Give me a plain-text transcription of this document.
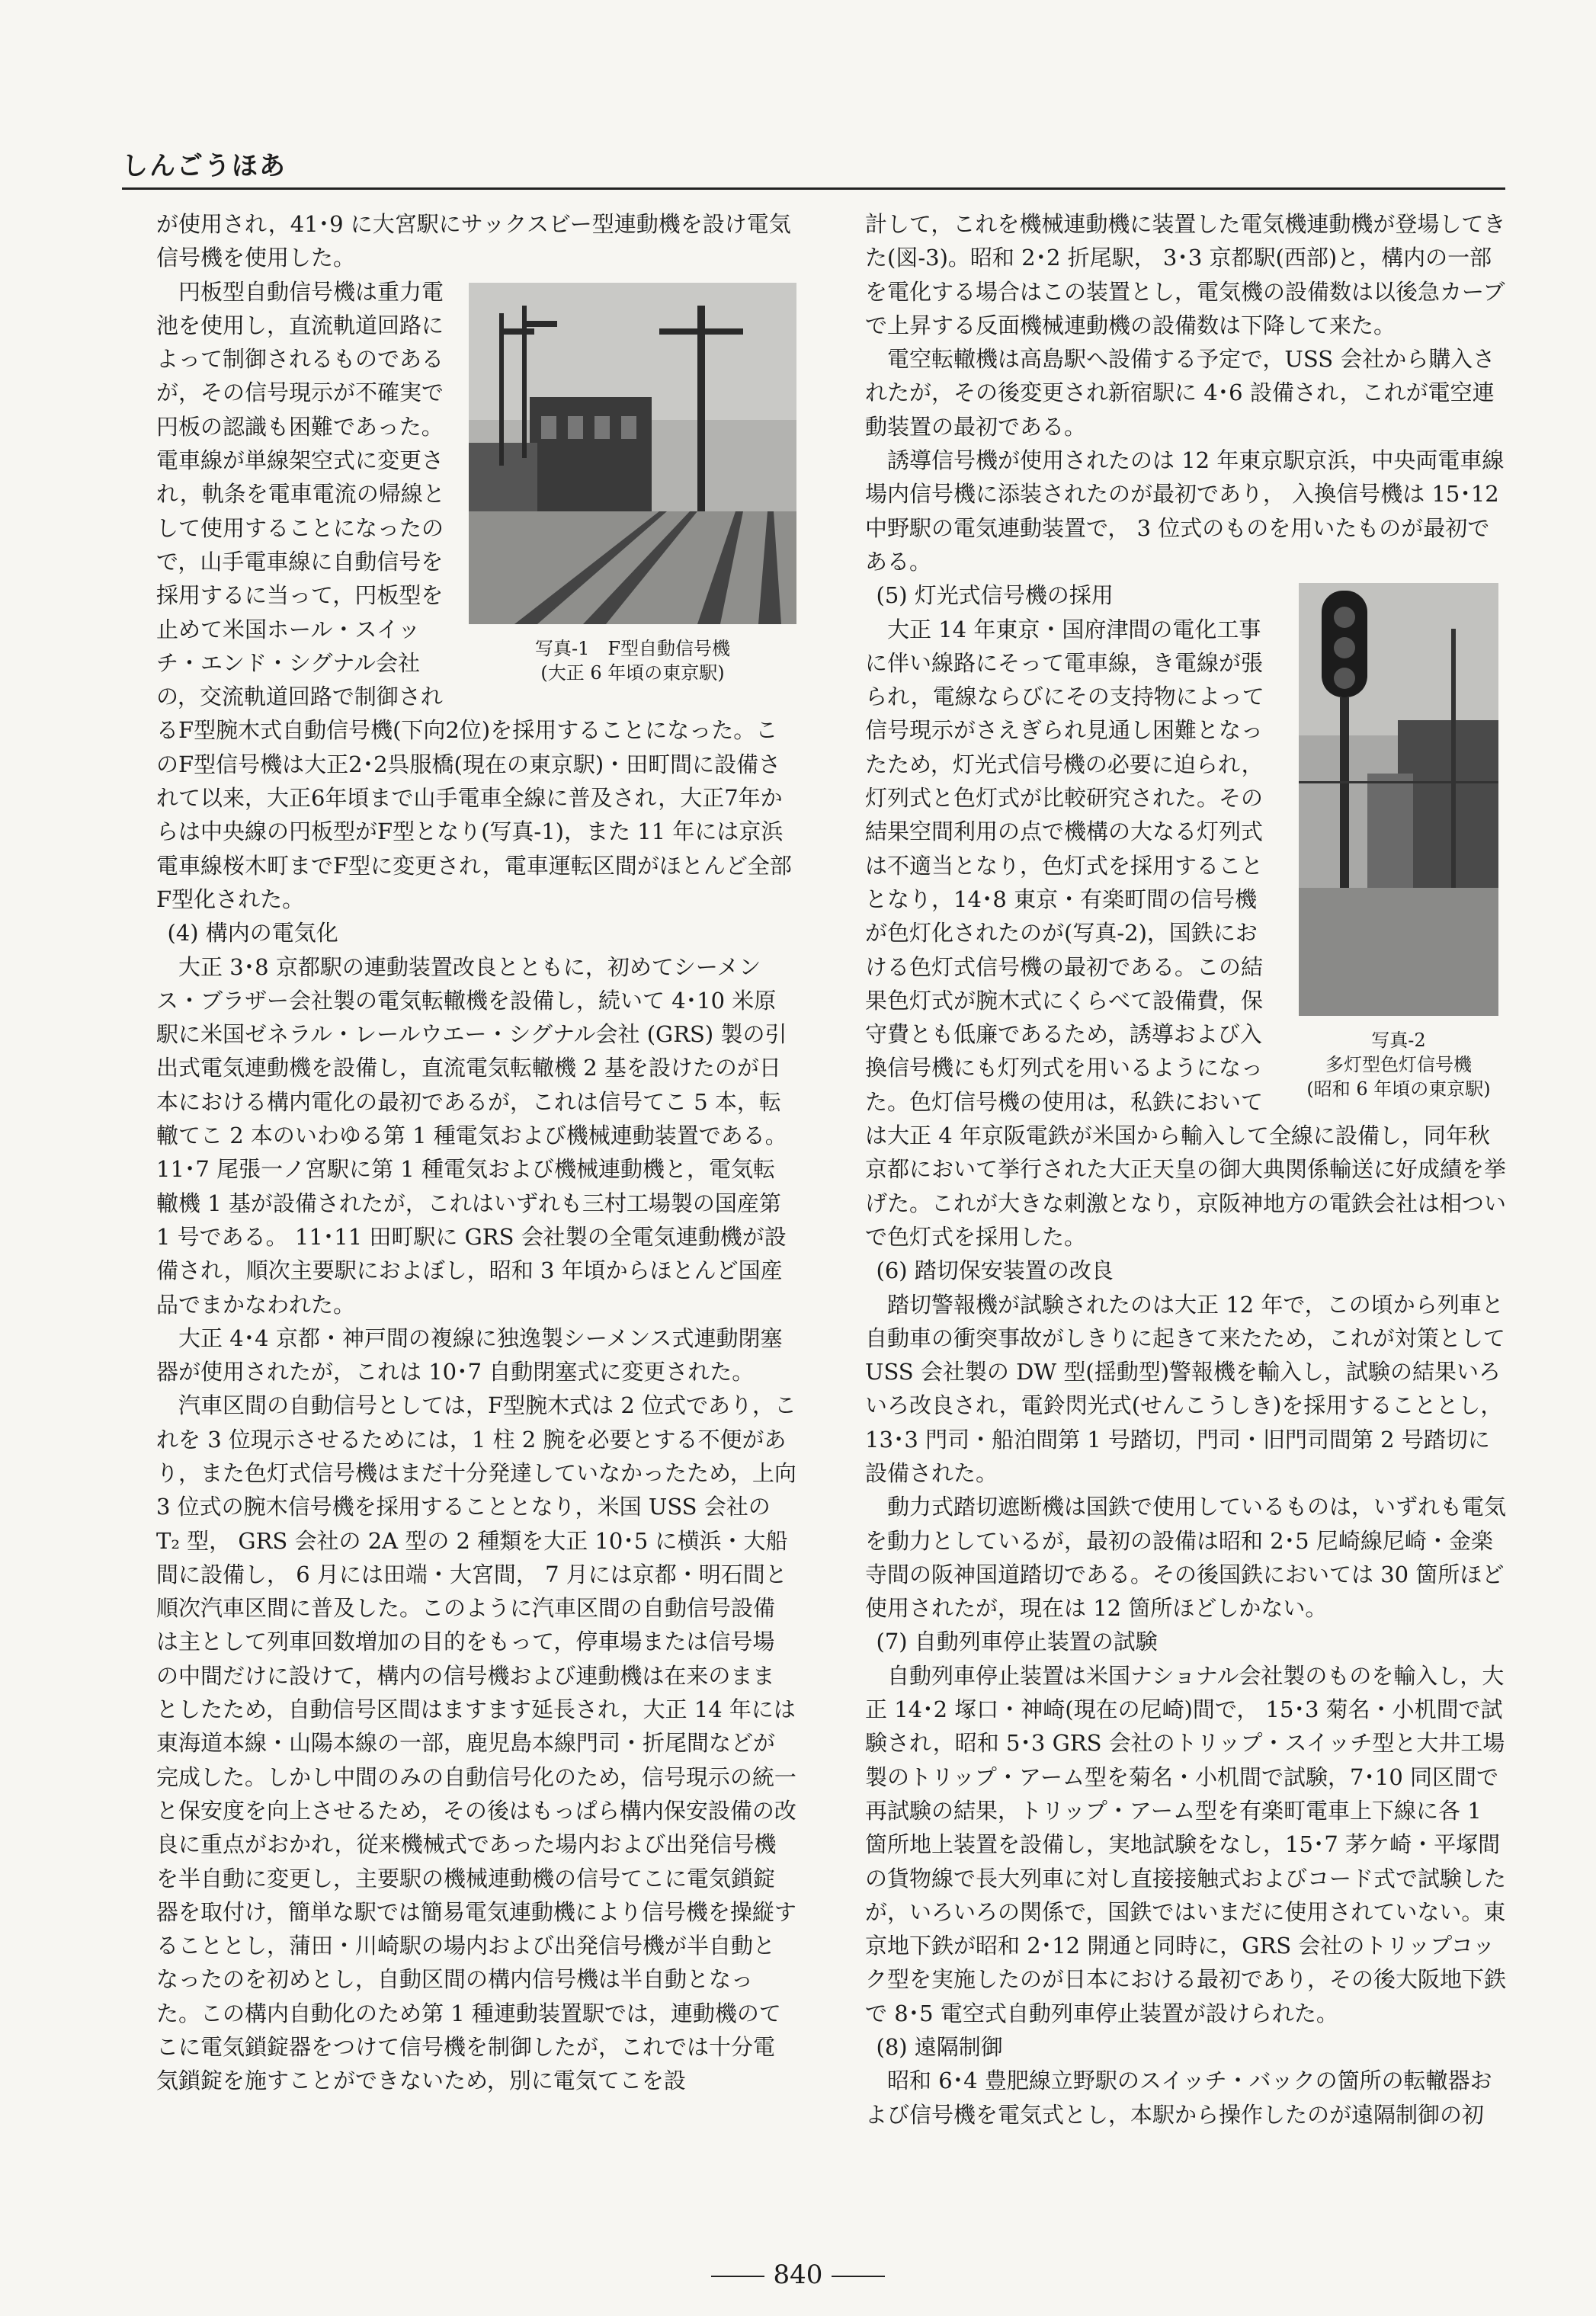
しんごうほあ

が使用され，41･9 に大宮駅にサックスビー型連動機を設け電気信号機を使用した。

写真-1　F型自動信号機
(大正 6 年頃の東京駅)

円板型自動信号機は重力電池を使用し，直流軌道回路によって制御されるものであるが，その信号現示が不確実で円板の認識も困難であった。電車線が単線架空式に変更され，軌条を電車電流の帰線として使用することになったので，山手電車線に自動信号を採用するに当って，円板型を止めて米国ホール・スイッチ・エンド・シグナル会社の，交流軌道回路で制御されるF型腕木式自動信号機(下向2位)を採用することになった。このF型信号機は大正2･2呉服橋(現在の東京駅)・田町間に設備されて以来，大正6年頃まで山手電車全線に普及され，大正7年からは中央線の円板型がF型となり(写真-1)，また 11 年には京浜電車線桜木町までF型に変更され，電車運転区間がほとんど全部F型化された。

(4) 構内の電気化

大正 3･8 京都駅の連動装置改良とともに，初めてシーメンス・ブラザー会社製の電気転轍機を設備し，続いて 4･10 米原駅に米国ゼネラル・レールウエー・シグナル会社 (GRS) 製の引出式電気連動機を設備し，直流電気転轍機 2 基を設けたのが日本における構内電化の最初であるが，これは信号てこ 5 本，転轍てこ 2 本のいわゆる第 1 種電気および機械連動装置である。11･7 尾張一ノ宮駅に第 1 種電気および機械連動機と，電気転轍機 1 基が設備されたが，これはいずれも三村工場製の国産第 1 号である。 11･11 田町駅に GRS 会社製の全電気連動機が設備され，順次主要駅におよぼし，昭和 3 年頃からほとんど国産品でまかなわれた。

大正 4･4 京都・神戸間の複線に独逸製シーメンス式連動閉塞器が使用されたが，これは 10･7 自動閉塞式に変更された。

汽車区間の自動信号としては，F型腕木式は 2 位式であり，これを 3 位現示させるためには，1 柱 2 腕を必要とする不便があり，また色灯式信号機はまだ十分発達していなかったため，上向 3 位式の腕木信号機を採用することとなり，米国 USS 会社の T₂ 型， GRS 会社の 2A 型の 2 種類を大正 10･5 に横浜・大船間に設備し， 6 月には田端・大宮間， 7 月には京都・明石間と順次汽車区間に普及した。このように汽車区間の自動信号設備は主として列車回数増加の目的をもって，停車場または信号場の中間だけに設けて，構内の信号機および連動機は在来のままとしたため，自動信号区間はますます延長され，大正 14 年には東海道本線・山陽本線の一部，鹿児島本線門司・折尾間などが完成した。しかし中間のみの自動信号化のため，信号現示の統一と保安度を向上させるため，その後はもっぱら構内保安設備の改良に重点がおかれ，従来機械式であった場内および出発信号機を半自動に変更し，主要駅の機械連動機の信号てこに電気鎖錠器を取付け，簡単な駅では簡易電気連動機により信号機を操縦することとし，蒲田・川崎駅の場内および出発信号機が半自動となったのを初めとし，自動区間の構内信号機は半自動となった。この構内自動化のため第 1 種連動装置駅では，連動機のてこに電気鎖錠器をつけて信号機を制御したが，これでは十分電気鎖錠を施すことができないため，別に電気てこを設

計して，これを機械連動機に装置した電気機連動機が登場してきた(図-3)。昭和 2･2 折尾駅， 3･3 京都駅(西部)と，構内の一部を電化する場合はこの装置とし，電気機の設備数は以後急カーブで上昇する反面機械連動機の設備数は下降して来た。

電空転轍機は高島駅へ設備する予定で，USS 会社から購入されたが，その後変更され新宿駅に 4･6 設備され，これが電空連動装置の最初である。

誘導信号機が使用されたのは 12 年東京駅京浜，中央両電車線場内信号機に添装されたのが最初であり， 入換信号機は 15･12 中野駅の電気連動装置で， 3 位式のものを用いたものが最初である。

写真-2
多灯型色灯信号機
(昭和 6 年頃の東京駅)

(5) 灯光式信号機の採用

大正 14 年東京・国府津間の電化工事に伴い線路にそって電車線，き電線が張られ，電線ならびにその支持物によって信号現示がさえぎられ見通し困難となったため，灯光式信号機の必要に迫られ，灯列式と色灯式が比較研究された。その結果空間利用の点で機構の大なる灯列式は不適当となり，色灯式を採用することとなり，14･8 東京・有楽町間の信号機が色灯化されたのが(写真-2)，国鉄における色灯式信号機の最初である。この結果色灯式が腕木式にくらべて設備費，保守費とも低廉であるため，誘導および入換信号機にも灯列式を用いるようになった。色灯信号機の使用は，私鉄においては大正 4 年京阪電鉄が米国から輸入して全線に設備し，同年秋京都において挙行された大正天皇の御大典関係輸送に好成績を挙げた。これが大きな刺激となり，京阪神地方の電鉄会社は相ついで色灯式を採用した。

(6) 踏切保安装置の改良

踏切警報機が試験されたのは大正 12 年で，この頃から列車と自動車の衝突事故がしきりに起きて来たため，これが対策として USS 会社製の DW 型(揺動型)警報機を輸入し，試験の結果いろいろ改良され，電鈴閃光式(せんこうしき)を採用することとし，13･3 門司・船泊間第 1 号踏切，門司・旧門司間第 2 号踏切に設備された。

動力式踏切遮断機は国鉄で使用しているものは，いずれも電気を動力としているが，最初の設備は昭和 2･5 尼崎線尼崎・金楽寺間の阪神国道踏切である。その後国鉄においては 30 箇所ほど使用されたが，現在は 12 箇所ほどしかない。

(7) 自動列車停止装置の試験

自動列車停止装置は米国ナショナル会社製のものを輸入し，大正 14･2 塚口・神崎(現在の尼崎)間で， 15･3 菊名・小机間で試験され，昭和 5･3 GRS 会社のトリップ・スイッチ型と大井工場製のトリップ・アーム型を菊名・小机間で試験，7･10 同区間で再試験の結果，トリップ・アーム型を有楽町電車上下線に各 1 箇所地上装置を設備し，実地試験をなし，15･7 茅ケ崎・平塚間の貨物線で長大列車に対し直接接触式およびコード式で試験したが，いろいろの関係で，国鉄ではいまだに使用されていない。東京地下鉄が昭和 2･12 開通と同時に，GRS 会社のトリップコック型を実施したのが日本における最初であり，その後大阪地下鉄で 8･5 電空式自動列車停止装置が設けられた。

(8) 遠隔制御

昭和 6･4 豊肥線立野駅のスイッチ・バックの箇所の転轍器および信号機を電気式とし，本駅から操作したのが遠隔制御の初

840
